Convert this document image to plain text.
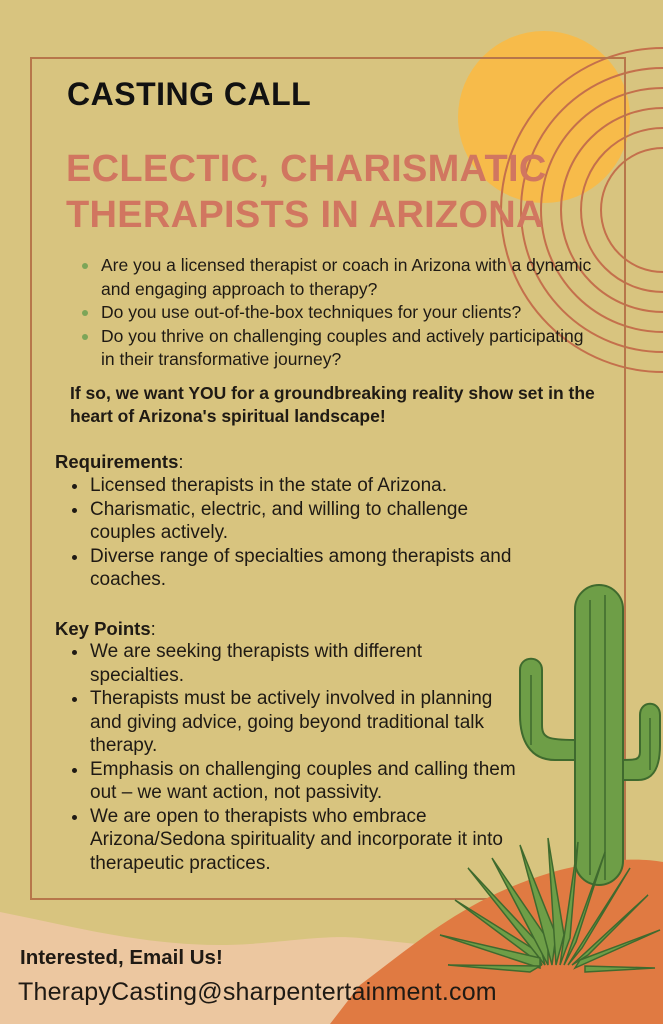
CASTING CALL
ECLECTIC, CHARISMATIC
THERAPISTS IN ARIZONA
Are you a licensed therapist or coach in Arizona with a dynamic and engaging approach to therapy?
Do you use out-of-the-box techniques for your clients?
Do you thrive on challenging couples and actively participating in their transformative journey?
If so, we want YOU for a groundbreaking reality show set in the heart of Arizona's spiritual landscape!
Requirements:
Licensed therapists in the state of Arizona.
Charismatic, electric, and willing to challenge couples actively.
Diverse range of specialties among therapists and coaches.
Key Points:
We are seeking therapists with different specialties.
Therapists must be actively involved in planning and giving advice, going beyond traditional talk therapy.
Emphasis on challenging couples and calling them out – we want action, not passivity.
We are open to therapists who embrace Arizona/Sedona spirituality and incorporate it into therapeutic practices.
Interested, Email Us!
TherapyCasting@sharpentertainment.com
